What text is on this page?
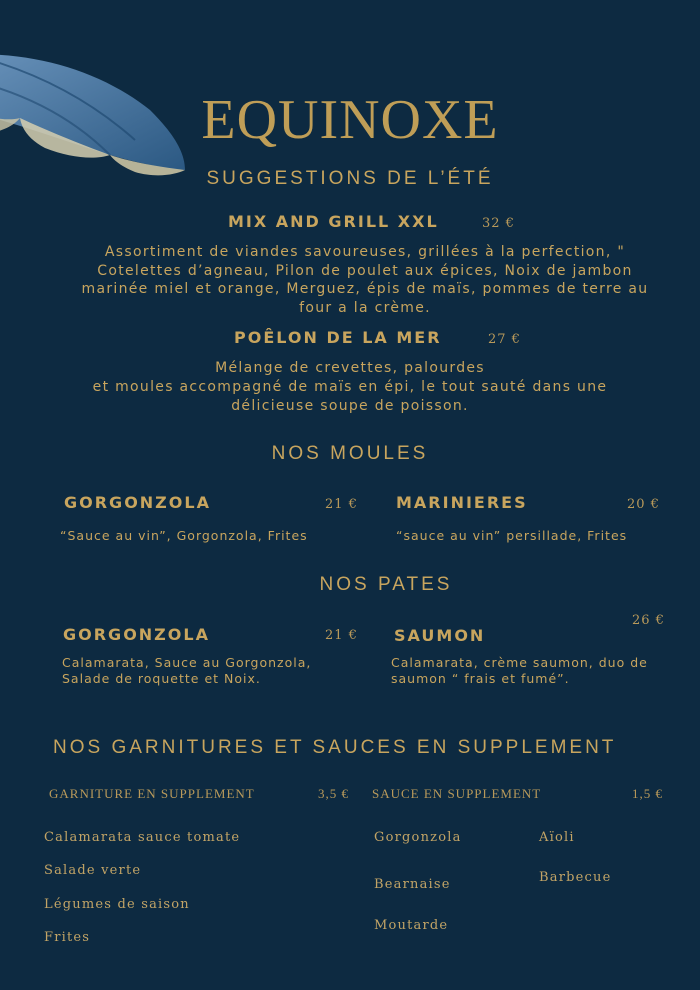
EQUINOXE
SUGGESTIONS DE L’ÉTÉ
MIX AND GRILL XXL	32 €
Assortiment de viandes savoureuses, grillées à la perfection, " Cotelettes d’agneau, Pilon de poulet aux épices, Noix de jambon marinée miel et orange, Merguez, épis de maïs, pommes de terre au four a la crème.
POÊLON DE LA MER	27 €
Mélange de crevettes, palourdes
et moules accompagné de maïs en épi, le tout sauté dans une
délicieuse soupe de poisson.
NOS MOULES
GORGONZOLA	21 €
“Sauce au vin”, Gorgonzola, Frites
MARINIERES	20 €
“sauce au vin” persillade, Frites
NOS PATES
GORGONZOLA	21 €
Calamarata, Sauce au Gorgonzola,
Salade de roquette et Noix.
SAUMON
26 €
Calamarata, crème saumon, duo de
saumon “ frais et fumé”.
NOS GARNITURES ET SAUCES EN SUPPLEMENT
GARNITURE EN SUPPLEMENT	3,5 € SAUCE EN SUPPLEMENT	1,5 €
Calamarata sauce tomate
Salade verte
Légumes de saison
Frites
Gorgonzola
Bearnaise
Moutarde
Aïoli
Barbecue
